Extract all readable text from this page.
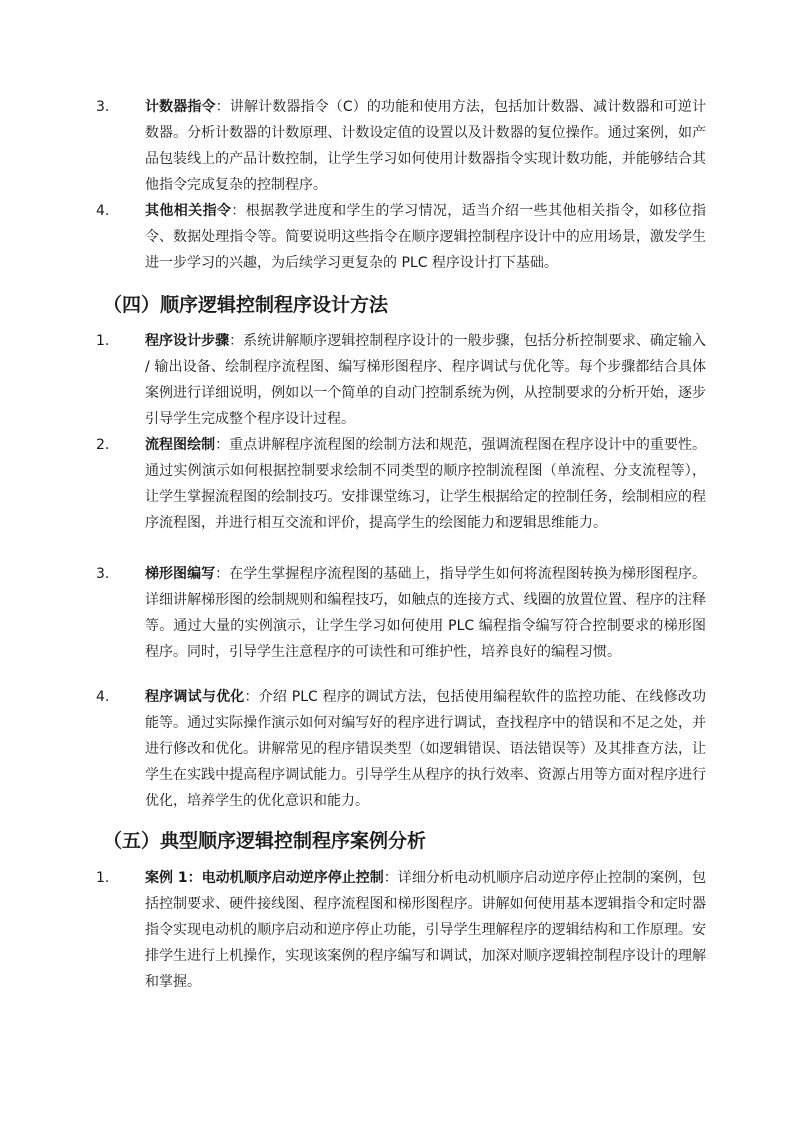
3.	计数器指令：讲解计数器指令（C）的功能和使用方法，包括加计数器、减计数器和可逆计数器。分析计数器的计数原理、计数设定值的设置以及计数器的复位操作。通过案例，如产品包装线上的产品计数控制，让学生学习如何使用计数器指令实现计数功能，并能够结合其他指令完成复杂的控制程序。
4.	其他相关指令：根据教学进度和学生的学习情况，适当介绍一些其他相关指令，如移位指令、数据处理指令等。简要说明这些指令在顺序逻辑控制程序设计中的应用场景，激发学生进一步学习的兴趣，为后续学习更复杂的 PLC 程序设计打下基础。
（四）顺序逻辑控制程序设计方法
1.	程序设计步骤：系统讲解顺序逻辑控制程序设计的一般步骤，包括分析控制要求、确定输入 / 输出设备、绘制程序流程图、编写梯形图程序、程序调试与优化等。每个步骤都结合具体案例进行详细说明，例如以一个简单的自动门控制系统为例，从控制要求的分析开始，逐步引导学生完成整个程序设计过程。
2.	流程图绘制：重点讲解程序流程图的绘制方法和规范，强调流程图在程序设计中的重要性。通过实例演示如何根据控制要求绘制不同类型的顺序控制流程图（单流程、分支流程等），让学生掌握流程图的绘制技巧。安排课堂练习，让学生根据给定的控制任务，绘制相应的程序流程图，并进行相互交流和评价，提高学生的绘图能力和逻辑思维能力。
3.	梯形图编写：在学生掌握程序流程图的基础上，指导学生如何将流程图转换为梯形图程序。详细讲解梯形图的绘制规则和编程技巧，如触点的连接方式、线圈的放置位置、程序的注释等。通过大量的实例演示，让学生学习如何使用 PLC 编程指令编写符合控制要求的梯形图程序。同时，引导学生注意程序的可读性和可维护性，培养良好的编程习惯。
4.	程序调试与优化：介绍 PLC 程序的调试方法，包括使用编程软件的监控功能、在线修改功能等。通过实际操作演示如何对编写好的程序进行调试，查找程序中的错误和不足之处，并进行修改和优化。讲解常见的程序错误类型（如逻辑错误、语法错误等）及其排查方法，让学生在实践中提高程序调试能力。引导学生从程序的执行效率、资源占用等方面对程序进行优化，培养学生的优化意识和能力。
（五）典型顺序逻辑控制程序案例分析
1.	案例 1：电动机顺序启动逆序停止控制：详细分析电动机顺序启动逆序停止控制的案例，包括控制要求、硬件接线图、程序流程图和梯形图程序。讲解如何使用基本逻辑指令和定时器指令实现电动机的顺序启动和逆序停止功能，引导学生理解程序的逻辑结构和工作原理。安排学生进行上机操作，实现该案例的程序编写和调试，加深对顺序逻辑控制程序设计的理解和掌握。
